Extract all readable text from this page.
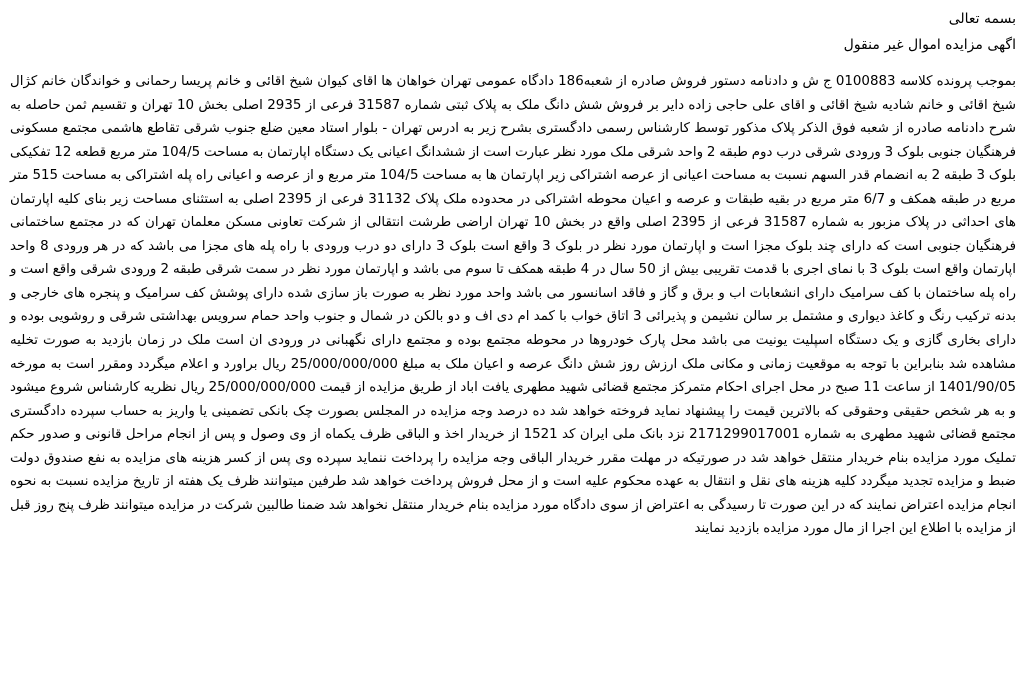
بسمه تعالی

اگهی مزایده اموال غیر منقول

بموجب پرونده کلاسه 0100883 ج ش و دادنامه دستور فروش صادره از شعبه186 دادگاه عمومی تهران خواهان ها اقای کیوان شیخ اقائی و خانم پریسا رحمانی و خواندگان خانم کژال شیخ اقائی و خانم شادیه شیخ اقائی و اقای علی حاجی زاده دایر بر فروش شش دانگ ملک به پلاک ثبتی شماره 31587 فرعی از 2935 اصلی بخش 10 تهران و تقسیم ثمن حاصله به شرح دادنامه صادره از شعبه فوق الذکر پلاک مذکور توسط کارشناس رسمی دادگستری بشرح زیر به ادرس تهران - بلوار استاد معین ضلع جنوب شرقی تقاطع هاشمی مجتمع مسکونی فرهنگیان جنوبی بلوک 3 ورودی شرقی درب دوم طبقه 2 واحد شرقی ملک مورد نظر عبارت است از ششدانگ اعیانی یک دستگاه اپارتمان به مساحت 104/5 متر مربع قطعه 12 تفکیکی بلوک 3 طبقه 2 به انضمام قدر السهم نسبت به مساحت اعیانی از عرصه اشتراکی زیر اپارتمان ها به مساحت 104/5 متر مربع و از عرصه و اعیانی راه پله اشتراکی به مساحت 515 متر مربع در طبقه همکف و 6/7 متر مربع در بقیه طبقات و عرصه و اعیان محوطه اشتراکی در محدوده ملک پلاک 31132 فرعی از 2395 اصلی به استثنای مساحت زیر بنای کلیه اپارتمان های احداثی در پلاک مزبور به شماره 31587 فرعی از 2395 اصلی واقع در بخش 10 تهران اراضی طرشت انتقالی از شرکت تعاونی مسکن معلمان تهران که در مجتمع ساختمانی فرهنگیان جنوبی است که دارای چند بلوک مجزا است و اپارتمان مورد نظر در بلوک 3 واقع است بلوک 3 دارای دو درب ورودی با راه پله های مجزا می باشد که در هر ورودی 8 واحد اپارتمان واقع است بلوک 3 با نمای اجری با قدمت تقریبی بیش از 50 سال در 4 طبقه همکف تا سوم می باشد و اپارتمان مورد نظر در سمت شرقی طبقه 2 ورودی شرقی واقع است و راه پله ساختمان با کف سرامیک دارای انشعابات اب و برق و گاز و فاقد اسانسور می باشد واحد مورد نظر به صورت باز سازی شده دارای پوشش کف سرامیک و پنجره های خارجی و بدنه ترکیب رنگ و کاغذ دیواری و مشتمل بر سالن نشیمن و پذیرائی 3 اتاق خواب با کمد ام دی اف و دو بالکن در شمال و جنوب واحد حمام سرویس بهداشتی شرقی و روشویی بوده و دارای بخاری گازی و یک دستگاه اسپلیت یونیت می باشد محل پارک خودروها در محوطه مجتمع بوده و مجتمع دارای نگهبانی در ورودی ان است ملک در زمان بازدید به صورت تخلیه مشاهده شد بنابراین با توجه به موقعیت زمانی و مکانی ملک ارزش روز شش دانگ عرصه و اعیان ملک به مبلغ 25/000/000/000 ریال براورد و اعلام میگردد ومقرر است به مورخه 1401/90/05 از ساعت 11 صبح در محل اجرای احکام متمرکز مجتمع قضائی شهید مطهری یافت اباد از طریق مزایده از قیمت 25/000/000/000 ریال نظریه کارشناس شروع میشود و به هر شخص حقیقی وحقوقی که بالاترین قیمت را پیشنهاد نماید فروخته خواهد شد ده درصد وجه مزایده در المجلس بصورت چک بانکی تضمینی یا واریز به حساب سپرده دادگستری مجتمع قضائی شهید مطهری به شماره 2171299017001 نزد بانک ملی ایران کد 1521 از خریدار اخذ و الباقی ظرف یکماه از وی وصول و پس از انجام مراحل قانونی و صدور حکم تملیک مورد مزایده بنام خریدار منتقل خواهد شد در صورتیکه در مهلت مقرر خریدار الباقی وجه مزایده را پرداخت ننماید سپرده وی پس از کسر هزینه های مزایده به نفع صندوق دولت ضبط و مزایده تجدید میگردد کلیه هزینه های نقل و انتقال به عهده محکوم علیه است و از محل فروش پرداخت خواهد شد طرفین میتوانند ظرف یک هفته از تاریخ مزایده نسبت به نحوه انجام مزایده اعتراض نمایند که در این صورت تا رسیدگی به اعتراض از سوی دادگاه مورد مزایده بنام خریدار منتقل نخواهد شد ضمنا طالبین شرکت در مزایده میتوانند ظرف پنج روز قبل از مزایده با اطلاع این اجرا از مال مورد مزایده بازدید نمایند
